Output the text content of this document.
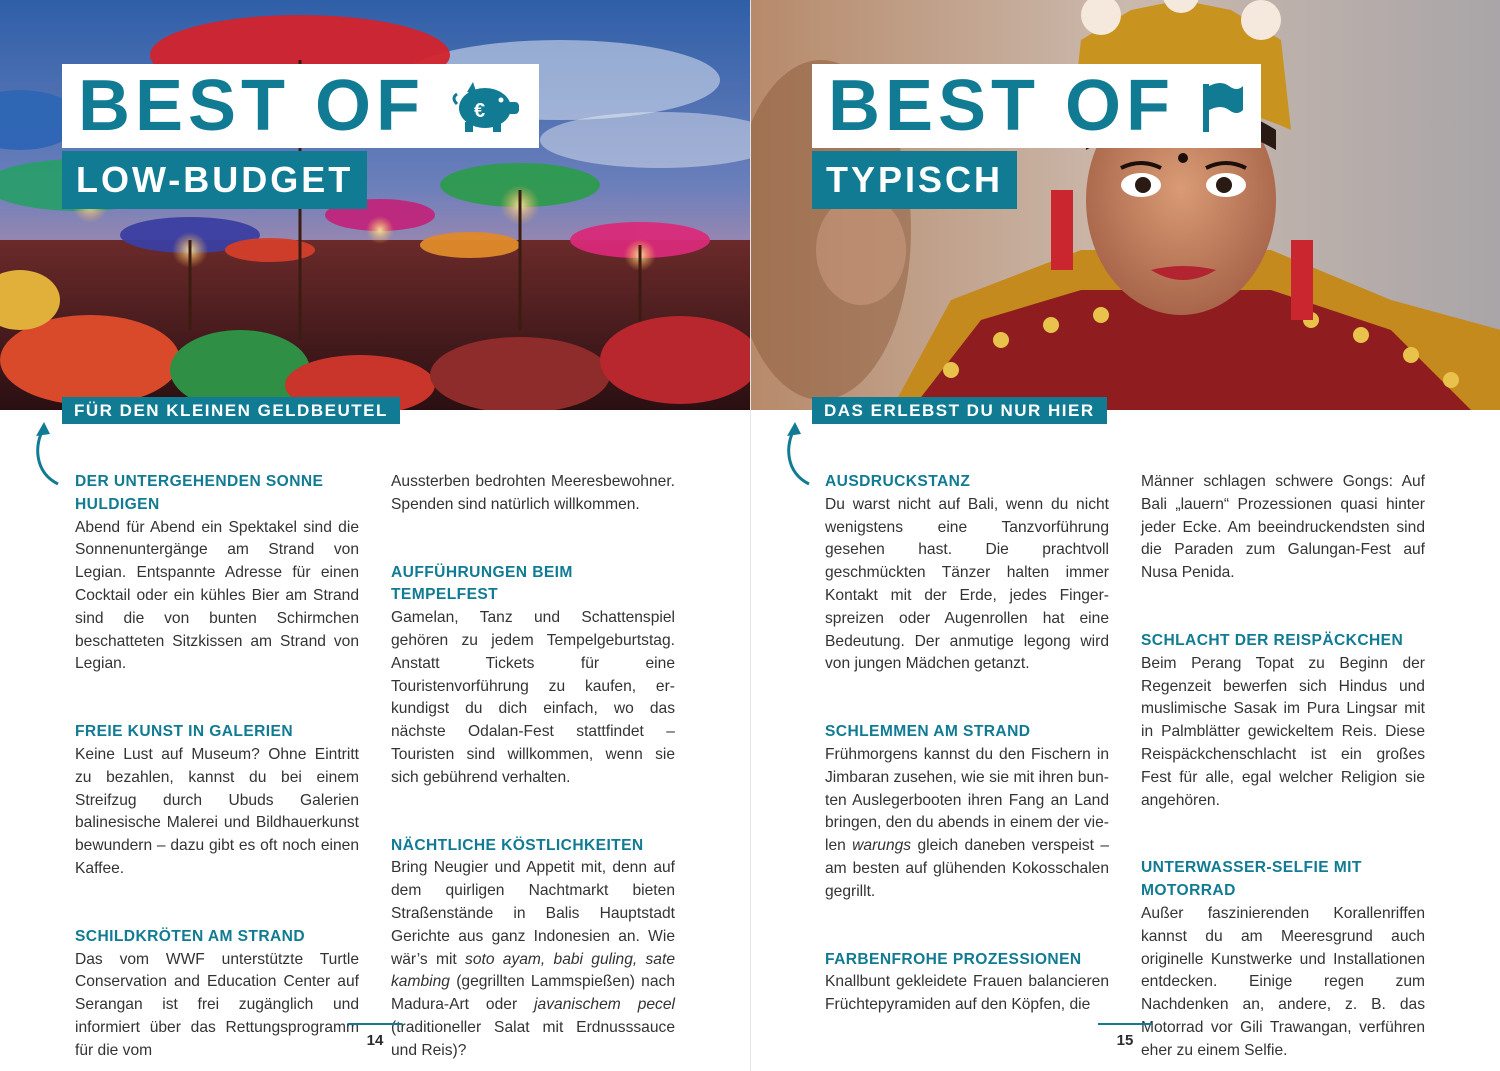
BEST OF €
LOW-BUDGET
FÜR DEN KLEINEN GELDBEUTEL
DER UNTERGEHENDEN SONNE
HULDIGEN

Abend für Abend ein Spektakel sind die Sonnenuntergänge am Strand von Legian. Entspannte Adresse für einen Cocktail oder ein kühles Bier am Strand sind die von bunten Schirmchen beschatteten Sitzkissen am Strand von Legian.

FREIE KUNST IN GALERIEN

Keine Lust auf Museum? Ohne Eintritt zu bezahlen, kannst du bei einem Streifzug durch Ubuds Galerien balinesische Malerei und Bildhauerkunst bewundern – dazu gibt es oft noch einen Kaffee.

SCHILDKRÖTEN AM STRAND

Das vom WWF unterstützte Turtle Conservation and Education Center auf Serangan ist frei zugänglich und informiert über das Rettungsprogramm für die vom

Aussterben bedrohten Meeresbewohner. Spenden sind natürlich willkommen.

AUFFÜHRUNGEN BEIM TEMPELFEST

Gamelan, Tanz und Schattenspiel gehören zu jedem Tempelgeburtstag. Anstatt Tickets für eine Touristenvorführung zu kaufen, erkundigst du dich einfach, wo das nächste Odalan-Fest stattfindet – Touristen sind willkommen, wenn sie sich gebührend verhalten.

NÄCHTLICHE KÖSTLICHKEITEN

Bring Neugier und Appetit mit, denn auf dem quirligen Nachtmarkt bieten Straßenstände in Balis Hauptstadt Gerichte aus ganz Indonesien an. Wie wär’s mit soto ayam, babi guling, sate kambing (gegrillten Lammspießen) nach Madura-Art oder javanischem pecel (traditioneller Salat mit Erdnusssauce und Reis)?

14
BEST OF
TYPISCH
DAS ERLEBST DU NUR HIER
AUSDRUCKSTANZ

Du warst nicht auf Bali, wenn du nicht wenigstens eine Tanzvorführung gesehen hast. Die prachtvoll geschmückten Tänzer halten immer Kontakt mit der Erde, jedes Fingerspreizen oder Augenrollen hat eine Bedeutung. Der anmutige legong wird von jungen Mädchen getanzt.

SCHLEMMEN AM STRAND

Frühmorgens kannst du den Fischern in Jimbaran zusehen, wie sie mit ihren bunten Auslegerbooten ihren Fang an Land bringen, den du abends in einem der vielen warungs gleich daneben verspeist – am besten auf glühenden Kokosschalen gegrillt.

FARBENFROHE PROZESSIONEN

Knallbunt gekleidete Frauen balancieren Früchtepyramiden auf den Köpfen, die

Männer schlagen schwere Gongs: Auf Bali „lauern“ Prozessionen quasi hinter jeder Ecke. Am beeindruckendsten sind die Paraden zum Galungan-Fest auf Nusa Penida.

SCHLACHT DER REISPÄCKCHEN

Beim Perang Topat zu Beginn der Regenzeit bewerfen sich Hindus und muslimische Sasak im Pura Lingsar mit in Palmblätter gewickeltem Reis. Diese Reispäckchenschlacht ist ein großes Fest für alle, egal welcher Religion sie angehören.

UNTERWASSER-SELFIE MIT
MOTORRAD

Außer faszinierenden Korallenriffen kannst du am Meeresgrund auch originelle Kunstwerke und Installationen entdecken. Einige regen zum Nachdenken an, andere, z. B. das Motorrad vor Gili Trawangan, verführen eher zu einem Selfie.

15
